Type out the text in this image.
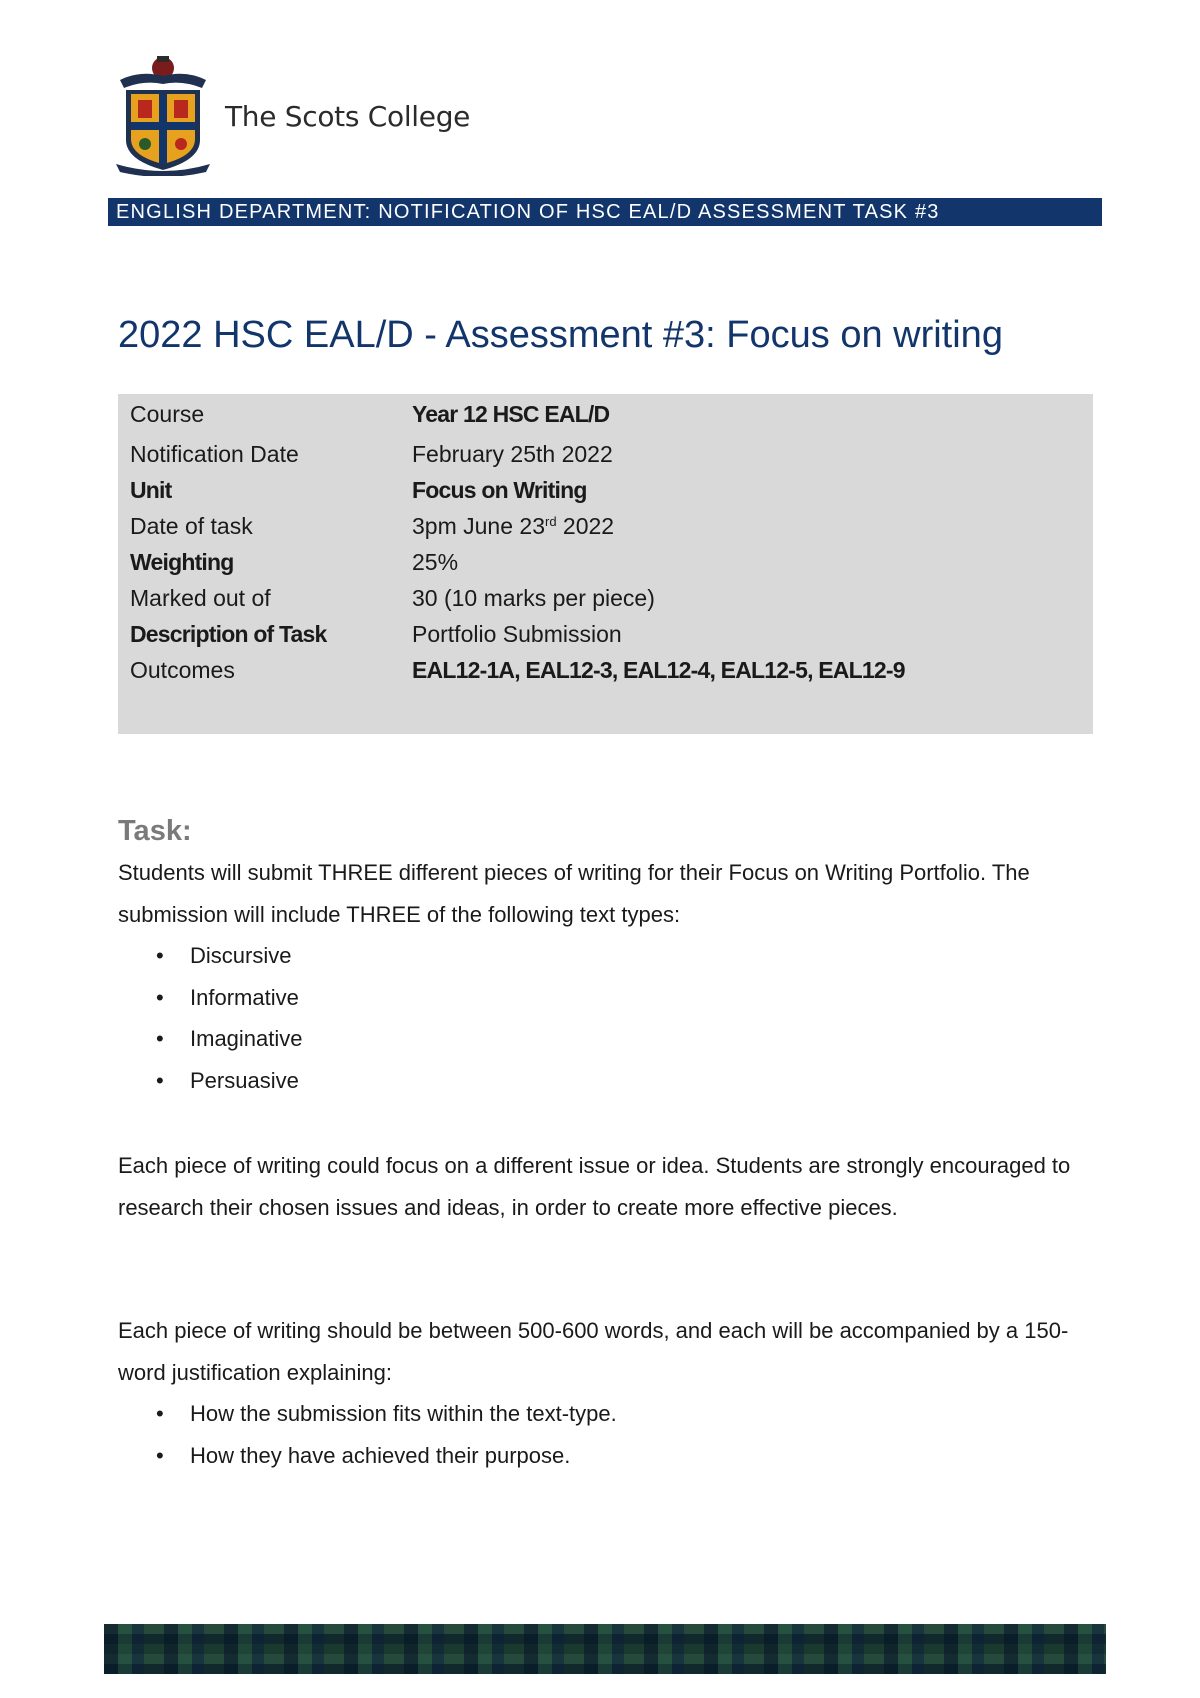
The Scots College
ENGLISH DEPARTMENT: NOTIFICATION OF HSC EAL/D ASSESSMENT TASK #3
2022 HSC EAL/D - Assessment #3: Focus on writing
Course	Year 12 HSC EAL/D
Notification Date	February 25th 2022
Unit	Focus on Writing
Date of task	3pm June 23rd 2022
Weighting	25%
Marked out of	30 (10 marks per piece)
Description of Task	Portfolio Submission
Outcomes	EAL12-1A, EAL12-3, EAL12-4, EAL12-5, EAL12-9
Task:

Students will submit THREE different pieces of writing for their Focus on Writing Portfolio. The submission will include THREE of the following text types:

• Discursive
• Informative
• Imaginative
• Persuasive

Each piece of writing could focus on a different issue or idea. Students are strongly encouraged to research their chosen issues and ideas, in order to create more effective pieces.

Each piece of writing should be between 500-600 words, and each will be accompanied by a 150-word justification explaining:

• How the submission fits within the text-type.
• How they have achieved their purpose.
